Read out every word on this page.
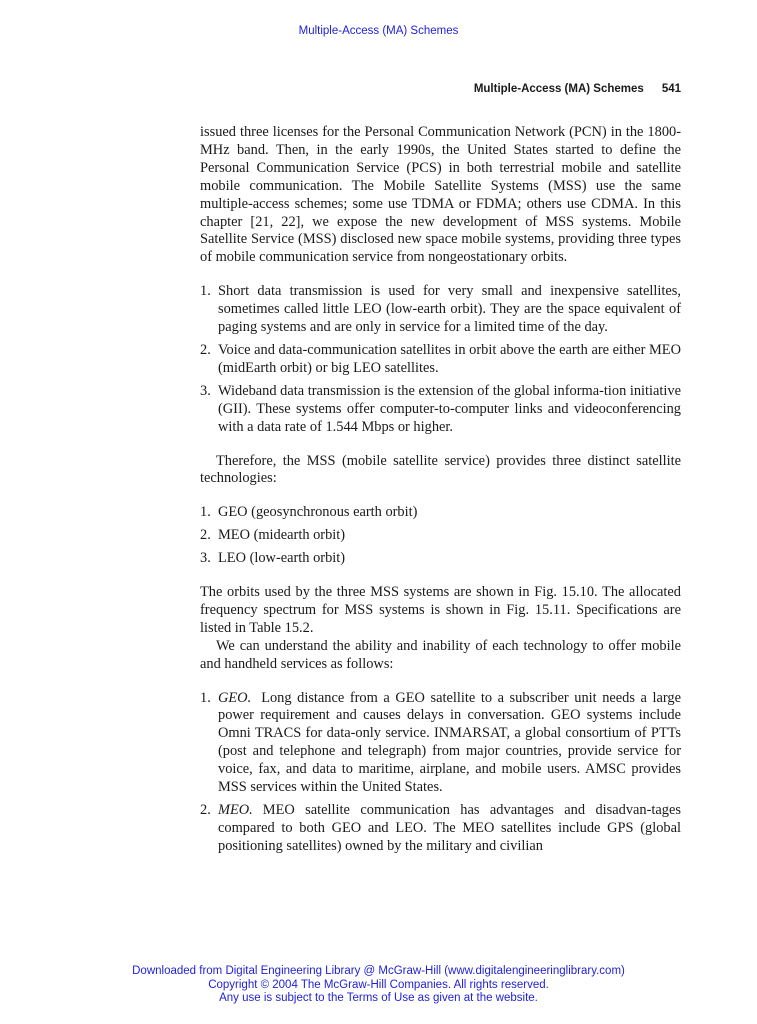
Multiple-Access (MA) Schemes
Multiple-Access (MA) Schemes 541

issued three licenses for the Personal Communication Network (PCN) in the 1800-MHz band. Then, in the early 1990s, the United States started to define the Personal Communication Service (PCS) in both terrestrial mobile and satellite mobile communication. The Mobile Satellite Systems (MSS) use the same multiple-access schemes; some use TDMA or FDMA; others use CDMA. In this chapter [21, 22], we expose the new development of MSS systems. Mobile Satellite Service (MSS) disclosed new space mobile systems, providing three types of mobile communication service from nongeostationary orbits.

1. Short data transmission is used for very small and inexpensive satellites, sometimes called little LEO (low-earth orbit). They are the space equivalent of paging systems and are only in service for a limited time of the day.
2. Voice and data-communication satellites in orbit above the earth are either MEO (midEarth orbit) or big LEO satellites.
3. Wideband data transmission is the extension of the global informa-tion initiative (GII). These systems offer computer-to-computer links and videoconferencing with a data rate of 1.544 Mbps or higher.

Therefore, the MSS (mobile satellite service) provides three distinct satellite technologies:

1. GEO (geosynchronous earth orbit)
2. MEO (midearth orbit)
3. LEO (low-earth orbit)

The orbits used by the three MSS systems are shown in Fig. 15.10. The allocated frequency spectrum for MSS systems is shown in Fig. 15.11. Specifications are listed in Table 15.2.

We can understand the ability and inability of each technology to offer mobile and handheld services as follows:

1. GEO. Long distance from a GEO satellite to a subscriber unit needs a large power requirement and causes delays in conversation. GEO systems include Omni TRACS for data-only service. INMARSAT, a global consortium of PTTs (post and telephone and telegraph) from major countries, provide service for voice, fax, and data to maritime, airplane, and mobile users. AMSC provides MSS services within the United States.
2. MEO. MEO satellite communication has advantages and disadvan-tages compared to both GEO and LEO. The MEO satellites include GPS (global positioning satellites) owned by the military and civilian
Downloaded from Digital Engineering Library @ McGraw-Hill (www.digitalengineeringlibrary.com)
Copyright © 2004 The McGraw-Hill Companies. All rights reserved.
Any use is subject to the Terms of Use as given at the website.
